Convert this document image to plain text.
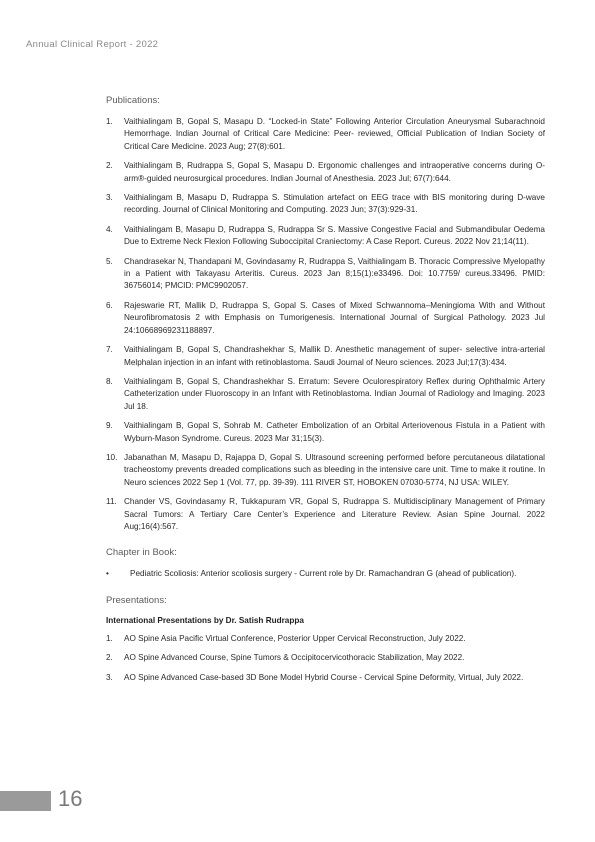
Annual Clinical Report - 2022
Publications:
1. Vaithialingam B, Gopal S, Masapu D. “Locked-in State” Following Anterior Circulation Aneurysmal Subarachnoid Hemorrhage. Indian Journal of Critical Care Medicine: Peer- reviewed, Official Publication of Indian Society of Critical Care Medicine. 2023 Aug; 27(8):601.
2. Vaithialingam B, Rudrappa S, Gopal S, Masapu D. Ergonomic challenges and intraoperative concerns during O-arm®-guided neurosurgical procedures. Indian Journal of Anesthesia. 2023 Jul; 67(7):644.
3. Vaithialingam B, Masapu D, Rudrappa S. Stimulation artefact on EEG trace with BIS monitoring during D-wave recording. Journal of Clinical Monitoring and Computing. 2023 Jun; 37(3):929-31.
4. Vaithialingam B, Masapu D, Rudrappa S, Rudrappa Sr S. Massive Congestive Facial and Submandibular Oedema Due to Extreme Neck Flexion Following Suboccipital Craniectomy: A Case Report. Cureus. 2022 Nov 21;14(11).
5. Chandrasekar N, Thandapani M, Govindasamy R, Rudrappa S, Vaithialingam B. Thoracic Compressive Myelopathy in a Patient with Takayasu Arteritis. Cureus. 2023 Jan 8;15(1):e33496. Doi: 10.7759/ cureus.33496. PMID: 36756014; PMCID: PMC9902057.
6. Rajeswarie RT, Mallik D, Rudrappa S, Gopal S. Cases of Mixed Schwannoma–Meningioma With and Without Neurofibromatosis 2 with Emphasis on Tumorigenesis. International Journal of Surgical Pathology. 2023 Jul 24:10668969231188897.
7. Vaithialingam B, Gopal S, Chandrashekhar S, Mallik D. Anesthetic management of super- selective intra-arterial Melphalan injection in an infant with retinoblastoma. Saudi Journal of Neuro sciences. 2023 Jul;17(3):434.
8. Vaithialingam B, Gopal S, Chandrashekhar S. Erratum: Severe Oculorespiratory Reflex during Ophthalmic Artery Catheterization under Fluoroscopy in an Infant with Retinoblastoma. Indian Journal of Radiology and Imaging. 2023 Jul 18.
9. Vaithialingam B, Gopal S, Sohrab M. Catheter Embolization of an Orbital Arteriovenous Fistula in a Patient with Wyburn-Mason Syndrome. Cureus. 2023 Mar 31;15(3).
10. Jabanathan M, Masapu D, Rajappa D, Gopal S. Ultrasound screening performed before percutaneous dilatational tracheostomy prevents dreaded complications such as bleeding in the intensive care unit. Time to make it routine. In Neuro sciences 2022 Sep 1 (Vol. 77, pp. 39-39). 111 RIVER ST, HOBOKEN 07030-5774, NJ USA: WILEY.
11. Chander VS, Govindasamy R, Tukkapuram VR, Gopal S, Rudrappa S. Multidisciplinary Management of Primary Sacral Tumors: A Tertiary Care Center’s Experience and Literature Review. Asian Spine Journal. 2022 Aug;16(4):567.
Chapter in Book:
•	Pediatric Scoliosis: Anterior scoliosis surgery - Current role by Dr. Ramachandran G (ahead of publication).
Presentations:
International Presentations by Dr. Satish Rudrappa
1. AO Spine Asia Pacific Virtual Conference, Posterior Upper Cervical Reconstruction, July 2022.
2. AO Spine Advanced Course, Spine Tumors & Occipitocervicothoracic Stabilization, May 2022.
3. AO Spine Advanced Case-based 3D Bone Model Hybrid Course - Cervical Spine Deformity, Virtual, July 2022.
16
